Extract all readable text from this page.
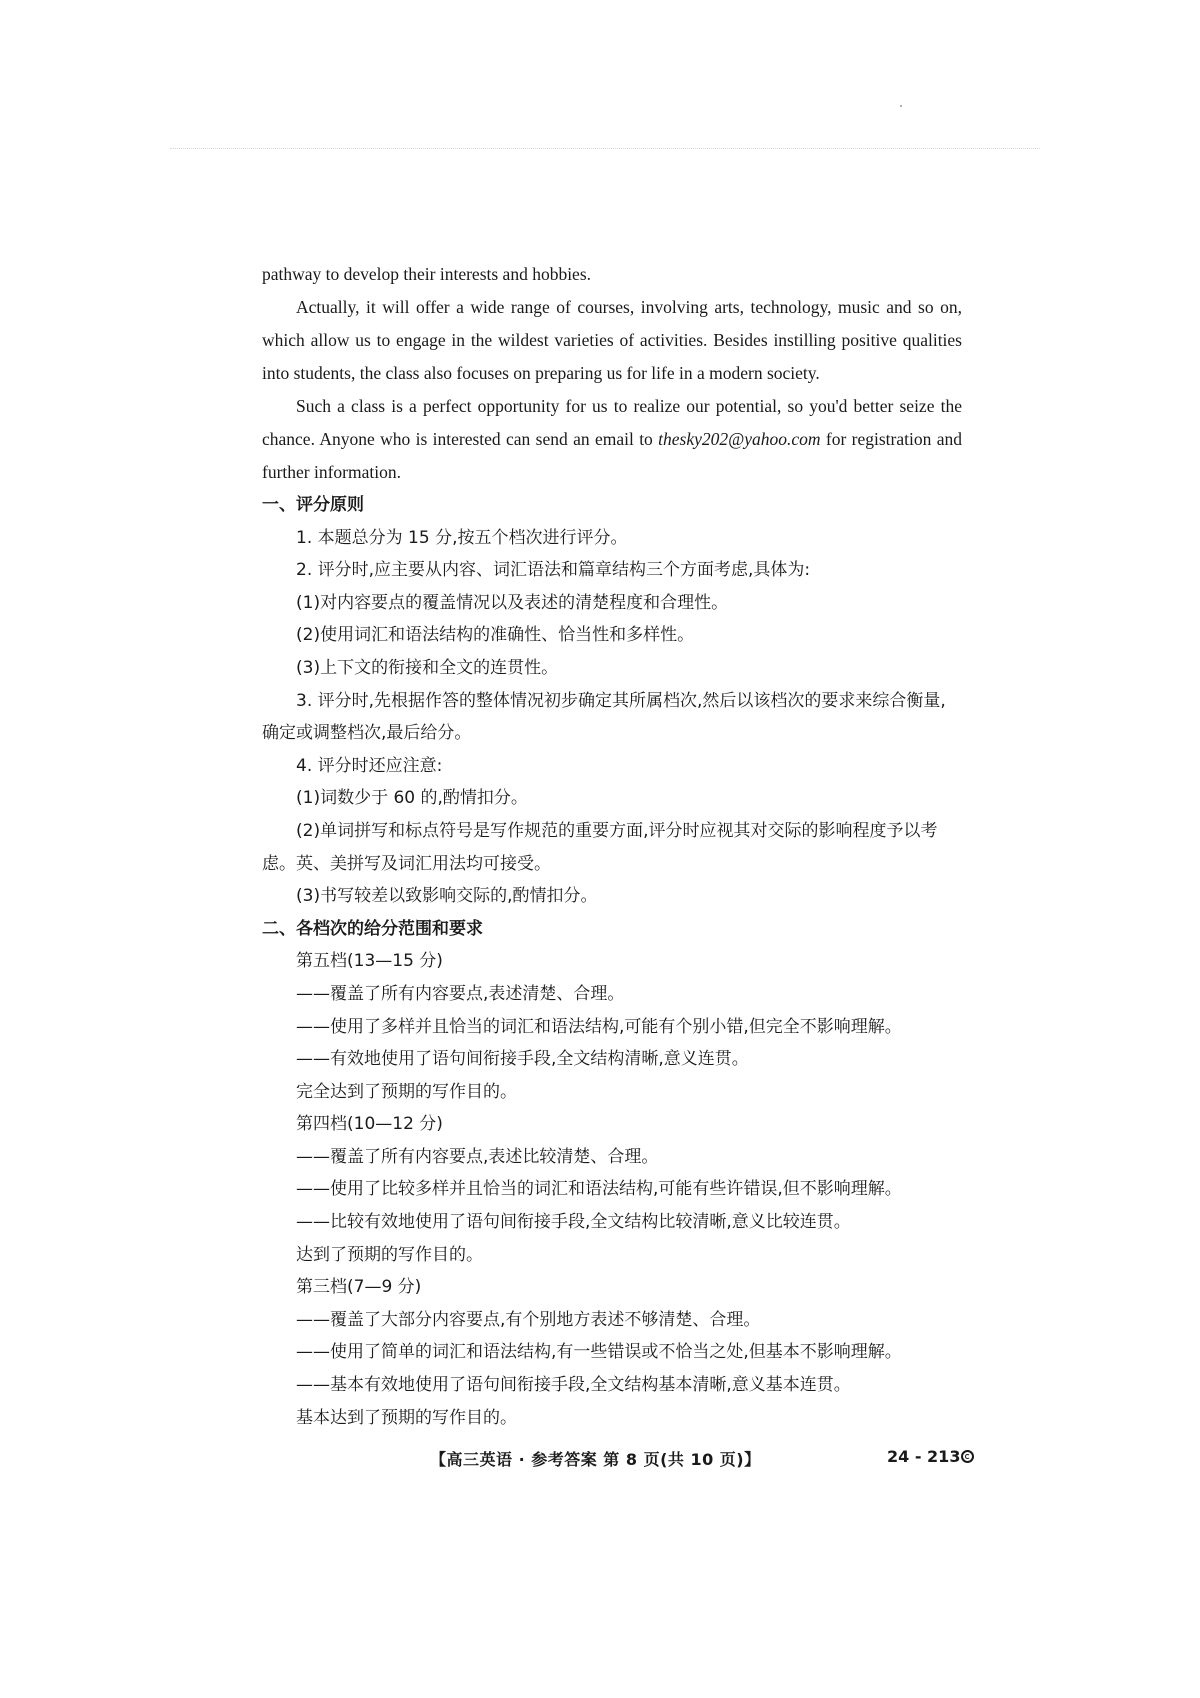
pathway to develop their interests and hobbies.

Actually, it will offer a wide range of courses, involving arts, technology, music and so on, which allow us to engage in the wildest varieties of activities. Besides instilling positive qualities into students, the class also focuses on preparing us for life in a modern society.

Such a class is a perfect opportunity for us to realize our potential, so you'd better seize the chance. Anyone who is interested can send an email to thesky202@yahoo.com for registration and further information.

一、评分原则

1. 本题总分为 15 分,按五个档次进行评分。

2. 评分时,应主要从内容、词汇语法和篇章结构三个方面考虑,具体为:

(1)对内容要点的覆盖情况以及表述的清楚程度和合理性。

(2)使用词汇和语法结构的准确性、恰当性和多样性。

(3)上下文的衔接和全文的连贯性。

3. 评分时,先根据作答的整体情况初步确定其所属档次,然后以该档次的要求来综合衡量,确定或调整档次,最后给分。

4. 评分时还应注意:

(1)词数少于 60 的,酌情扣分。

(2)单词拼写和标点符号是写作规范的重要方面,评分时应视其对交际的影响程度予以考虑。英、美拼写及词汇用法均可接受。

(3)书写较差以致影响交际的,酌情扣分。

二、各档次的给分范围和要求

第五档(13—15 分)

——覆盖了所有内容要点,表述清楚、合理。

——使用了多样并且恰当的词汇和语法结构,可能有个别小错,但完全不影响理解。

——有效地使用了语句间衔接手段,全文结构清晰,意义连贯。

完全达到了预期的写作目的。

第四档(10—12 分)

——覆盖了所有内容要点,表述比较清楚、合理。

——使用了比较多样并且恰当的词汇和语法结构,可能有些许错误,但不影响理解。

——比较有效地使用了语句间衔接手段,全文结构比较清晰,意义比较连贯。

达到了预期的写作目的。

第三档(7—9 分)

——覆盖了大部分内容要点,有个别地方表述不够清楚、合理。

——使用了简单的词汇和语法结构,有一些错误或不恰当之处,但基本不影响理解。

——基本有效地使用了语句间衔接手段,全文结构基本清晰,意义基本连贯。

基本达到了预期的写作目的。

【高三英语 · 参考答案 第 8 页(共 10 页)】	24 - 213
